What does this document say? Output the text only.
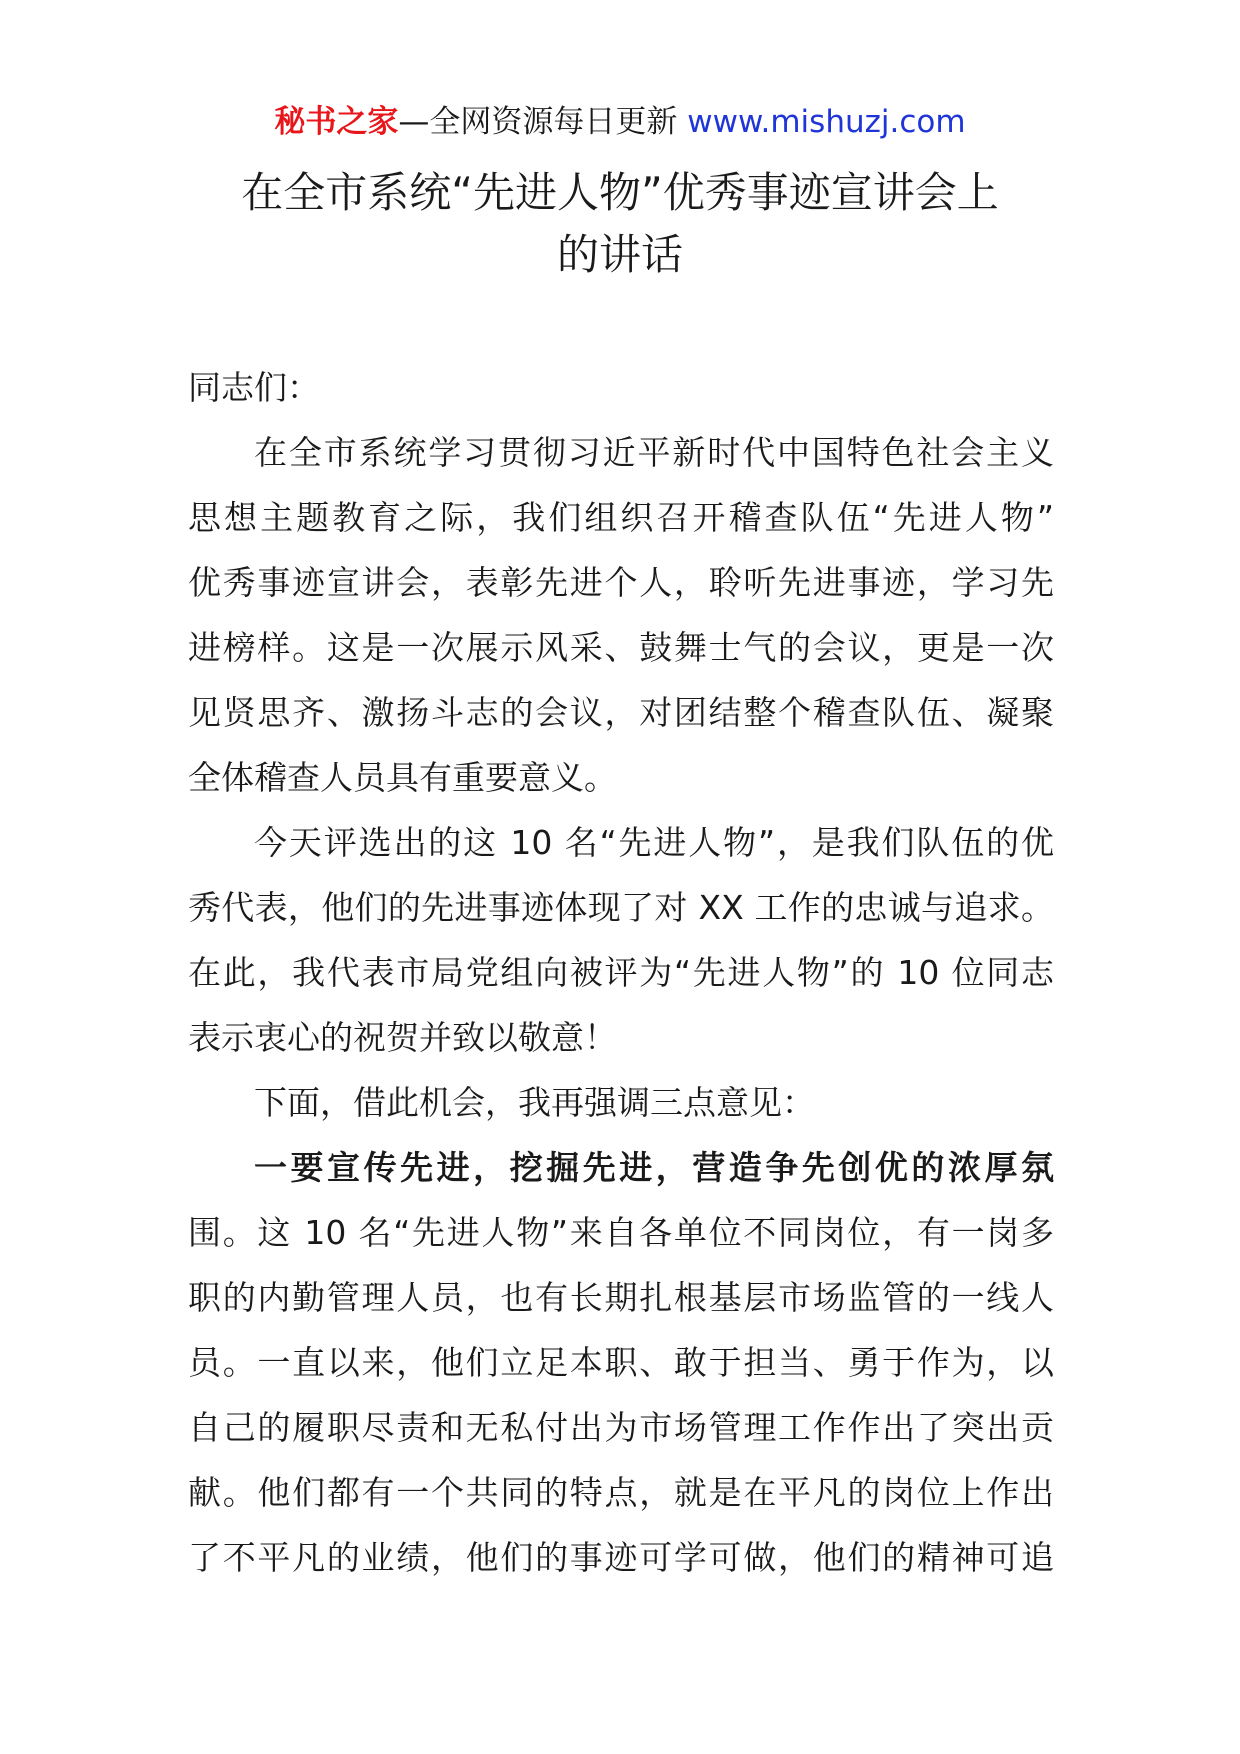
秘书之家—全网资源每日更新 www.mishuzj.com
在全市系统“先进人物”优秀事迹宣讲会上
的讲话

同志们：

在全市系统学习贯彻习近平新时代中国特色社会主义
思想主题教育之际，我们组织召开稽查队伍“先进人物”
优秀事迹宣讲会，表彰先进个人，聆听先进事迹，学习先
进榜样。这是一次展示风采、鼓舞士气的会议，更是一次
见贤思齐、激扬斗志的会议，对团结整个稽查队伍、凝聚
全体稽查人员具有重要意义。

今天评选出的这 10 名“先进人物”，是我们队伍的优
秀代表，他们的先进事迹体现了对 XX 工作的忠诚与追求。
在此，我代表市局党组向被评为“先进人物”的 10 位同志
表示衷心的祝贺并致以敬意！

下面，借此机会，我再强调三点意见：

一要宣传先进，挖掘先进，营造争先创优的浓厚氛
围。这 10 名“先进人物”来自各单位不同岗位，有一岗多
职的内勤管理人员，也有长期扎根基层市场监管的一线人
员。一直以来，他们立足本职、敢于担当、勇于作为，以
自己的履职尽责和无私付出为市场管理工作作出了突出贡
献。他们都有一个共同的特点，就是在平凡的岗位上作出
了不平凡的业绩，他们的事迹可学可做，他们的精神可追
